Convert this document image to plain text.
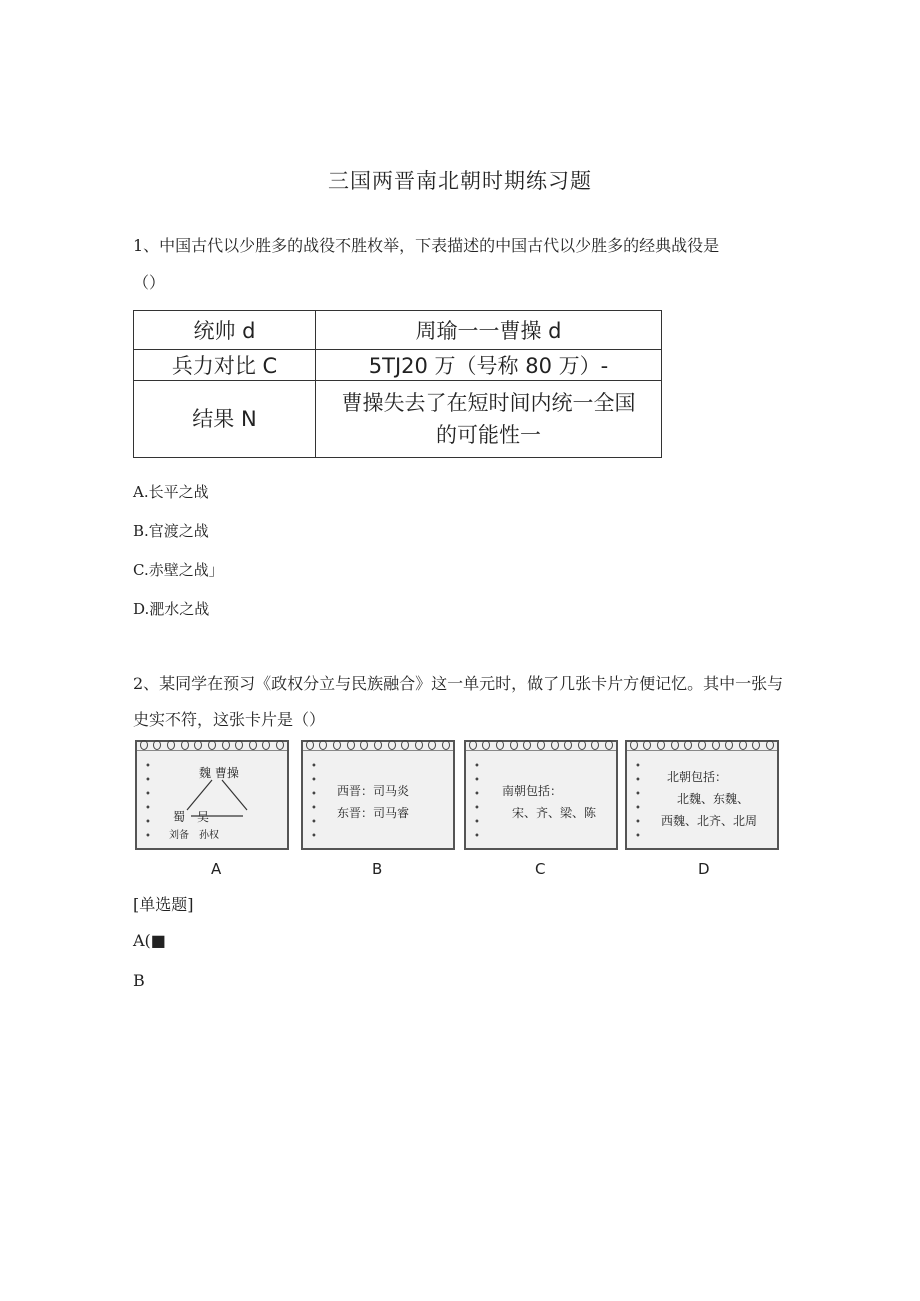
三国两晋南北朝时期练习题
1、中国古代以少胜多的战役不胜枚举，下表描述的中国古代以少胜多的经典战役是
（）
统帅 d	周瑜一一曹操 d
兵力对比 C	5TJ20 万（号称 80 万）-
结果 N	曹操失去了在短时间内统一全国的可能性一
A.长平之战
B.官渡之战
C.赤壁之战」
D.淝水之战
2、某同学在预习《政权分立与民族融合》这一单元时，做了几张卡片方便记忆。其中一张与史实不符，这张卡片是（）
•
•
•
•
•
•
魏 曹操
蜀　吴
刘备　孙权
•
•
•
•
•
•
西晋：司马炎
东晋：司马睿
•
•
•
•
•
•
南朝包括：
宋、齐、梁、陈
•
•
•
•
•
•
北朝包括：
北魏、东魏、
西魏、北齐、北周
A	B	C	D
[单选题]
A(■
B
